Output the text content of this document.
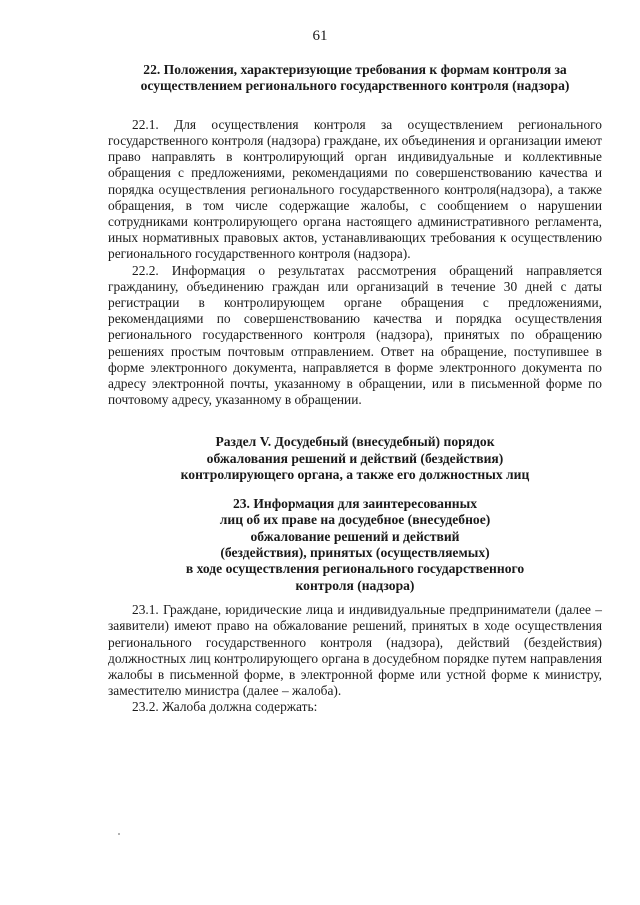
61
22. Положения, характеризующие требования к формам контроля за
осуществлением регионального государственного контроля (надзора)

22.1. Для осуществления контроля за осуществлением регионального государственного контроля (надзора) граждане, их объединения и организации имеют право направлять в контролирующий орган индивидуальные и коллективные обращения с предложениями, рекомендациями по совершенствованию качества и порядка осуществления регионального государственного контроля(надзора), а также обращения, в том числе содержащие жалобы, с сообщением о нарушении сотрудниками контролирующего органа настоящего административного регламента, иных нормативных правовых актов, устанавливающих требования к осуществлению регионального государственного контроля (надзора).

22.2. Информация о результатах рассмотрения обращений направляется гражданину, объединению граждан или организаций в течение 30 дней с даты регистрации в контролирующем органе обращения с предложениями, рекомендациями по совершенствованию качества и порядка осуществления регионального государственного контроля (надзора), принятых по обращению решениях простым почтовым отправлением. Ответ на обращение, поступившее в форме электронного документа, направляется в форме электронного документа по адресу электронной почты, указанному в обращении, или в письменной форме по почтовому адресу, указанному в обращении.

Раздел V. Досудебный (внесудебный) порядок
обжалования решений и действий (бездействия)
контролирующего органа, а также его должностных лиц
23. Информация для заинтересованных
лиц об их праве на досудебное (внесудебное)
обжалование решений и действий
(бездействия), принятых (осуществляемых)
в ходе осуществления регионального государственного
контроля (надзора)

23.1. Граждане, юридические лица и индивидуальные предприниматели (далее – заявители) имеют право на обжалование решений, принятых в ходе осуществления регионального государственного контроля (надзора), действий (бездействия) должностных лиц контролирующего органа в досудебном порядке путем направления жалобы в письменной форме, в электронной форме или устной форме к министру, заместителю министра (далее – жалоба).

23.2. Жалоба должна содержать:
